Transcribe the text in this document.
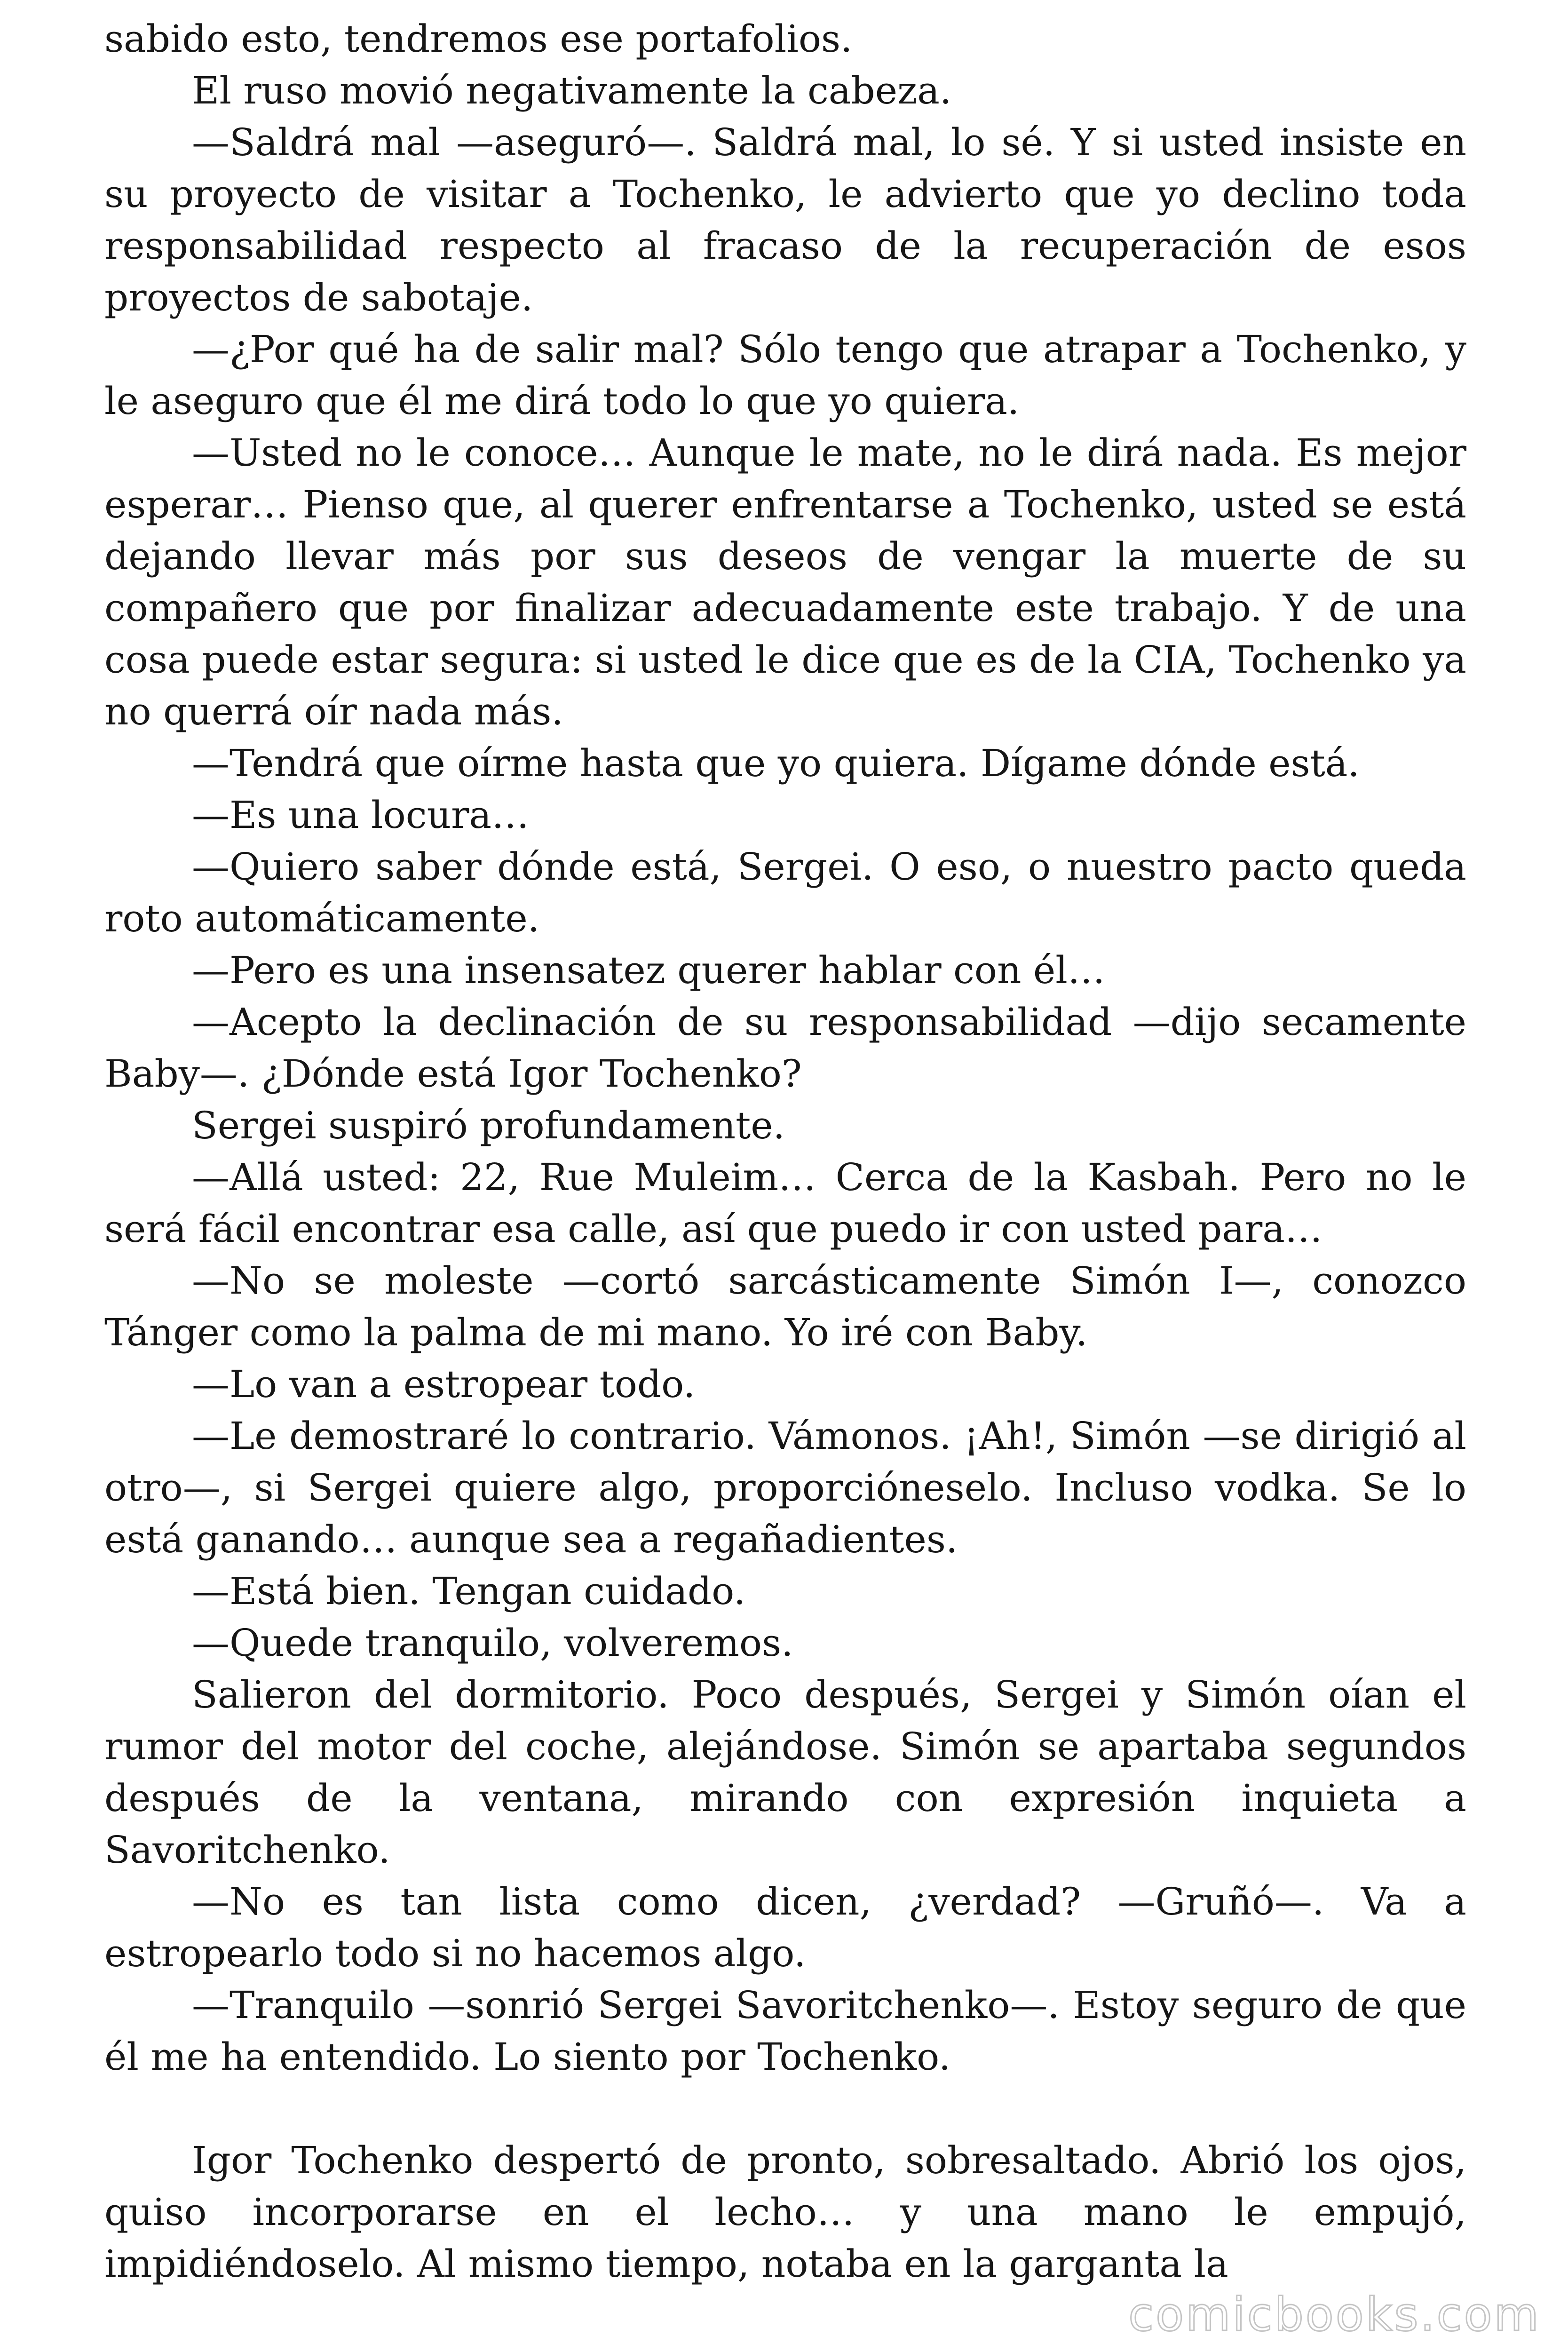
sabido esto, tendremos ese portafolios.

El ruso movió negativamente la cabeza.

—Saldrá mal —aseguró—. Saldrá mal, lo sé. Y si usted insiste en su proyecto de visitar a Tochenko, le advierto que yo declino toda responsabilidad respecto al fracaso de la recuperación de esos proyectos de sabotaje.

—¿Por qué ha de salir mal? Sólo tengo que atrapar a Tochenko, y le aseguro que él me dirá todo lo que yo quiera.

—Usted no le conoce… Aunque le mate, no le dirá nada. Es mejor esperar… Pienso que, al querer enfrentarse a Tochenko, usted se está dejando llevar más por sus deseos de vengar la muerte de su compañero que por finalizar adecuadamente este trabajo. Y de una cosa puede estar segura: si usted le dice que es de la CIA, Tochenko ya no querrá oír nada más.

—Tendrá que oírme hasta que yo quiera. Dígame dónde está.

—Es una locura…

—Quiero saber dónde está, Sergei. O eso, o nuestro pacto queda roto automáticamente.

—Pero es una insensatez querer hablar con él…

—Acepto la declinación de su responsabilidad —dijo secamente Baby—. ¿Dónde está Igor Tochenko?

Sergei suspiró profundamente.

—Allá usted: 22, Rue Muleim… Cerca de la Kasbah. Pero no le será fácil encontrar esa calle, así que puedo ir con usted para…

—No se moleste —cortó sarcásticamente Simón I—, conozco Tánger como la palma de mi mano. Yo iré con Baby.

—Lo van a estropear todo.

—Le demostraré lo contrario. Vámonos. ¡Ah!, Simón —se dirigió al otro—, si Sergei quiere algo, proporcióneselo. Incluso vodka. Se lo está ganando… aunque sea a regañadientes.

—Está bien. Tengan cuidado.

—Quede tranquilo, volveremos.

Salieron del dormitorio. Poco después, Sergei y Simón oían el rumor del motor del coche, alejándose. Simón se apartaba segundos después de la ventana, mirando con expresión inquieta a Savoritchenko.

—No es tan lista como dicen, ¿verdad? —Gruñó—. Va a estropearlo todo si no hacemos algo.

—Tranquilo —sonrió Sergei Savoritchenko—. Estoy seguro de que él me ha entendido. Lo siento por Tochenko.

Igor Tochenko despertó de pronto, sobresaltado. Abrió los ojos, quiso incorporarse en el lecho… y una mano le empujó, impidiéndoselo. Al mismo tiempo, notaba en la garganta la

comicbooks.com
